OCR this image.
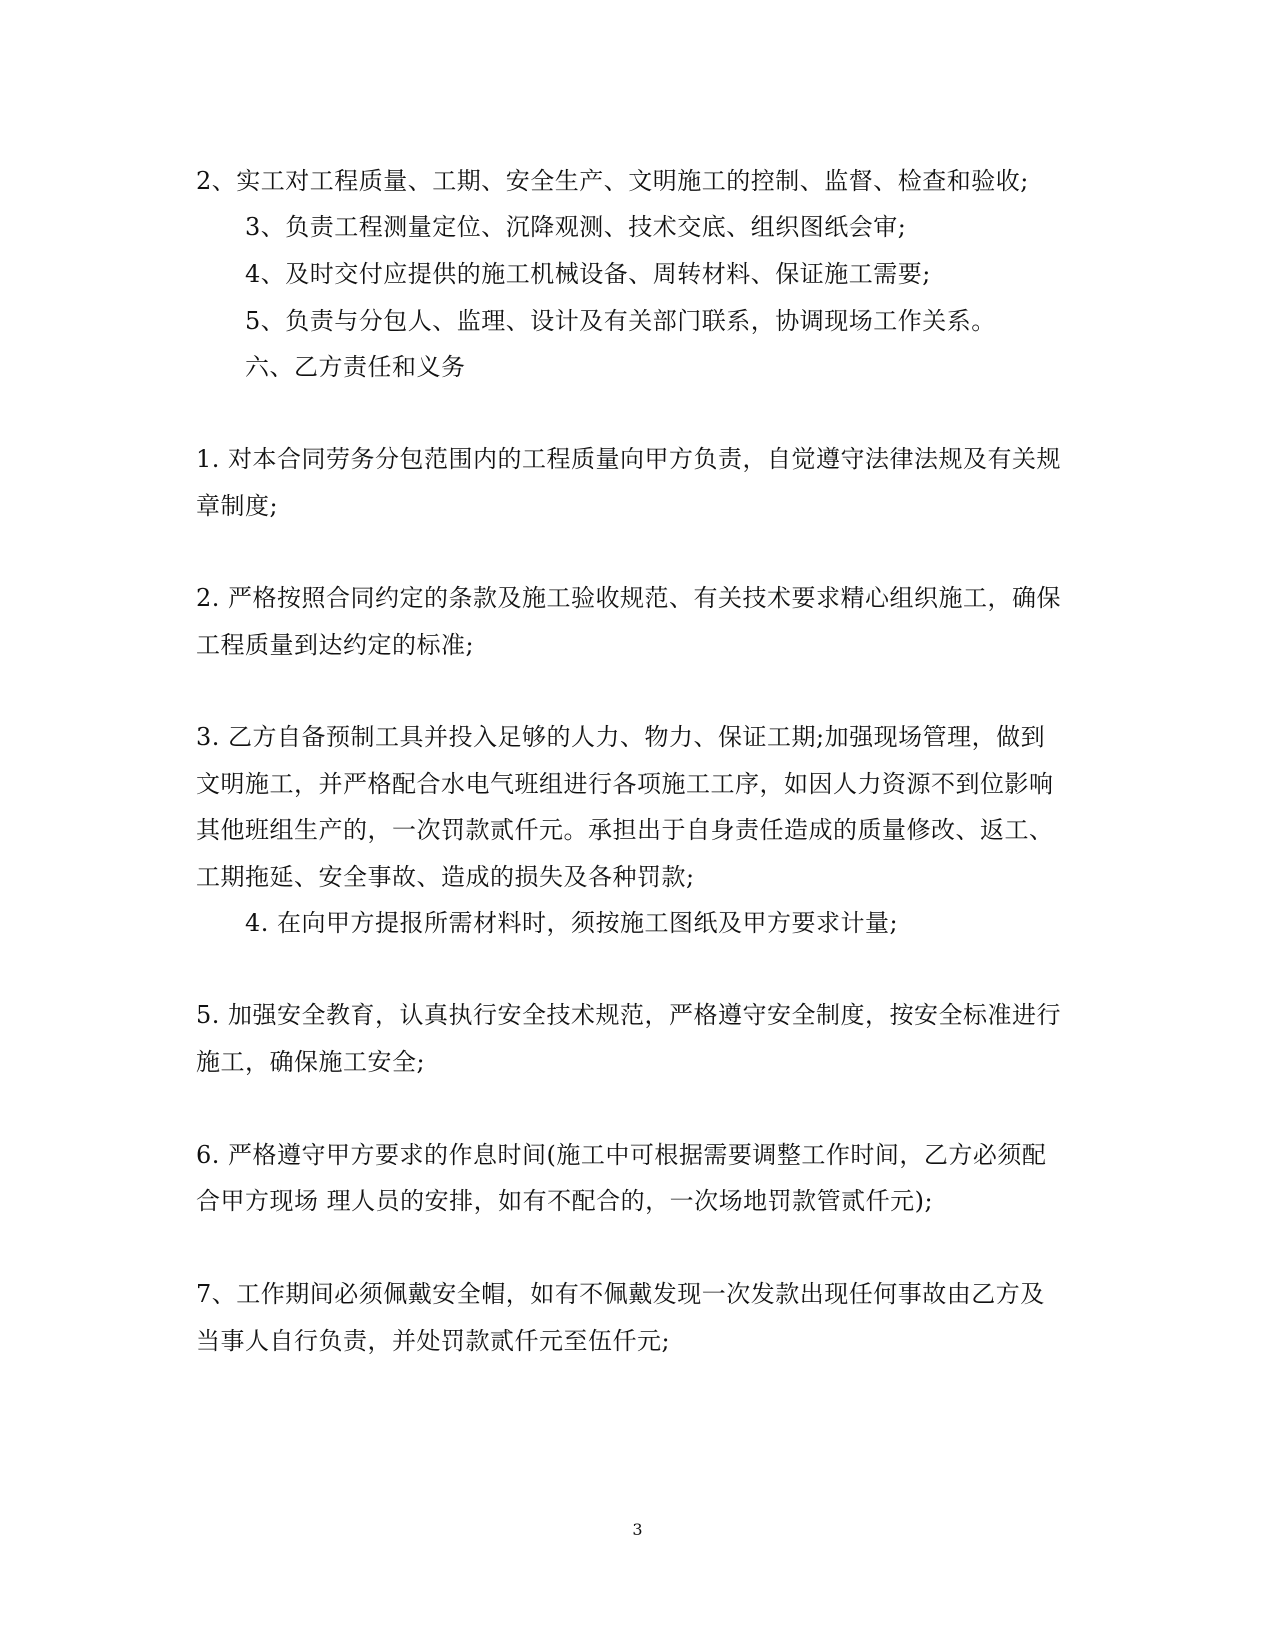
2、实工对工程质量、工期、安全生产、文明施工的控制、监督、检查和验收;
3、负责工程测量定位、沉降观测、技术交底、组织图纸会审;
4、及时交付应提供的施工机械设备、周转材料、保证施工需要;
5、负责与分包人、监理、设计及有关部门联系，协调现场工作关系。
六、乙方责任和义务
1. 对本合同劳务分包范围内的工程质量向甲方负责，自觉遵守法律法规及有关规
章制度;
2. 严格按照合同约定的条款及施工验收规范、有关技术要求精心组织施工，确保
工程质量到达约定的标准;
3. 乙方自备预制工具并投入足够的人力、物力、保证工期;加强现场管理，做到
文明施工，并严格配合水电气班组进行各项施工工序，如因人力资源不到位影响
其他班组生产的，一次罚款贰仟元。承担出于自身责任造成的质量修改、返工、
工期拖延、安全事故、造成的损失及各种罚款;
4. 在向甲方提报所需材料时，须按施工图纸及甲方要求计量;
5. 加强安全教育，认真执行安全技术规范，严格遵守安全制度，按安全标准进行
施工，确保施工安全;
6. 严格遵守甲方要求的作息时间(施工中可根据需要调整工作时间，乙方必须配
合甲方现场 理人员的安排，如有不配合的，一次场地罚款管贰仟元);
7、工作期间必须佩戴安全帽，如有不佩戴发现一次发款出现任何事故由乙方及
当事人自行负责，并处罚款贰仟元至伍仟元;
3
